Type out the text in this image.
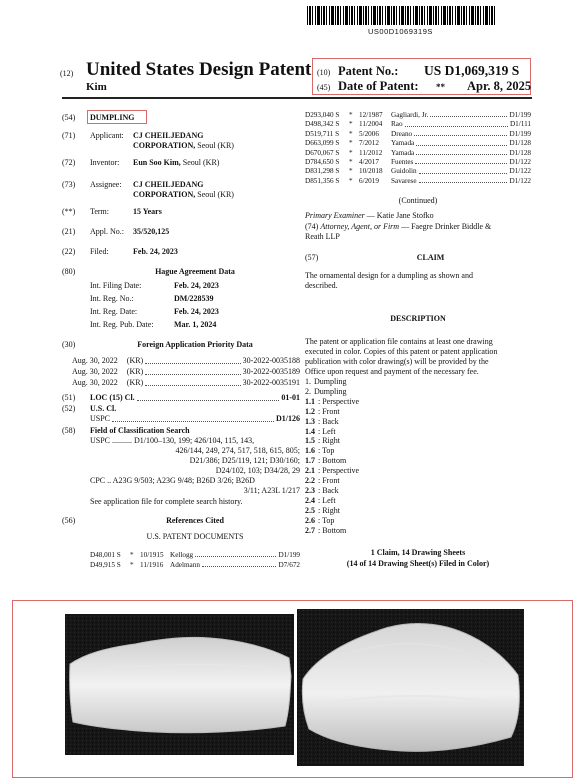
US00D1069319S
(12) United States Design Patent
Kim
(10) Patent No.: US D1,069,319 S
(45) Date of Patent: ** Apr. 8, 2025
(54) DUMPLING
(71) Applicant: CJ CHEILJEDANG
CORPORATION,
Seoul (KR)
(72) Inventor: Eun Soo Kim,
Seoul (KR)
(73) Assignee: CJ CHEILJEDANG
CORPORATION,
Seoul (KR)
(**) Term:	15 Years
(21) Appl. No.: 35/520,125
(22) Filed:	Feb. 24, 2023
(80)	Hague Agreement Data
Int. Filing Date:	Feb. 24, 2023
Int. Reg. No.:	DM/228539
Int. Reg. Date:	Feb. 24, 2023
Int. Reg. Pub. Date:	Mar. 1, 2024
(30)	Foreign Application Priority Data
Aug. 30, 2022 (KR)	30-2022-0035188
Aug. 30, 2022 (KR)	30-2022-0035189
Aug. 30, 2022 (KR)	30-2022-0035191
(51)	LOC (15) Cl.	01-01
(52)	U.S. Cl.
USPC	D1/126
(58) Field of Classification Search
USPC .......... D1/100–130, 199; 426/104, 115, 143,
426/144, 249, 274, 517, 518, 615, 805;
D21/386; D25/119, 121; D30/160;
D24/102, 103; D34/28, 29
CPC .. A23G 9/503; A23G 9/48; B26D 3/26; B26D
3/11; A23L 1/217
See application file for complete search history.
(56)	References Cited
U.S. PATENT DOCUMENTS
D48,001 S	* 10/1915 Kellogg	D1/199
D49,915 S	* 11/1916 Adelmann	D7/672
D293,040 S	* 12/1987	Gagliardi, Jr.	D1/199
D498,342 S	* 11/2004	Rao	D1/111
D519,711 S	* 5/2006	Dreano	D1/199
D663,099 S	* 7/2012	Yamada	D1/128
D670,067 S	* 11/2012	Yamada	D1/128
D784,650 S	* 4/2017	Fuentes	D1/122
D831,298 S	* 10/2018	Guidolin	D1/122
D851,356 S	* 6/2019	Savarese	D1/122
(Continued)
Primary Examiner
— Katie Jane Stofko
(74)
Attorney, Agent, or Firm
— Faegre Drinker Biddle &
Reath LLP
(57)	CLAIM
The ornamental design for a dumpling as shown and
described.
DESCRIPTION
The patent or application file contains at least one drawing
executed in color. Copies of this patent or patent application
publication with color drawing(s) will be provided by the
Office upon request and payment of the necessary fee.
1. Dumpling
2. Dumpling
1.1 : Perspective
1.2 : Front
1.3 : Back
1.4 : Left
1.5 : Right
1.6 : Top
1.7 : Bottom
2.1 : Perspective
2.2 : Front
2.3 : Back
2.4 : Left
2.5 : Right
2.6 : Top
2.7 : Bottom
1 Claim, 14 Drawing Sheets
(14 of 14 Drawing Sheet(s) Filed in Color)
